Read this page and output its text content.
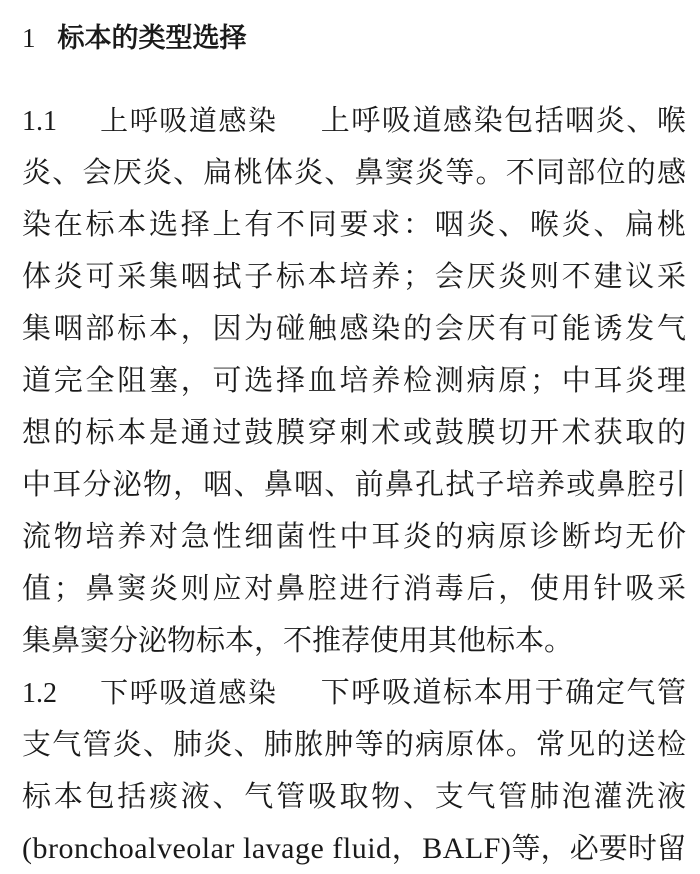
1 标本的类型选择
1.1 上呼吸道感染 上呼吸道感染包括咽炎、喉
炎、会厌炎、扁桃体炎、鼻窦炎等。不同部位的感
染在标本选择上有不同要求：咽炎、喉炎、扁桃
体炎可采集咽拭子标本培养；会厌炎则不建议采
集咽部标本，因为碰触感染的会厌有可能诱发气
道完全阻塞，可选择血培养检测病原；中耳炎理
想的标本是通过鼓膜穿刺术或鼓膜切开术获取的
中耳分泌物，咽、鼻咽、前鼻孔拭子培养或鼻腔引
流物培养对急性细菌性中耳炎的病原诊断均无价
值；鼻窦炎则应对鼻腔进行消毒后，使用针吸采
集鼻窦分泌物标本，不推荐使用其他标本。
1.2 下呼吸道感染 下呼吸道标本用于确定气管
支气管炎、肺炎、肺脓肿等的病原体。常见的送检
标本包括痰液、气管吸取物、支气管肺泡灌洗液
(bronchoalveolar lavage fluid，BALF)等，必要时留
